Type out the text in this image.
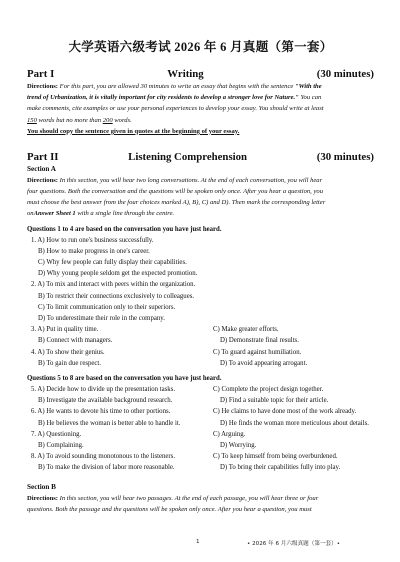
大学英语六级考试 2026 年 6 月真题（第一套）
Part I	Writing	(30 minutes)
Directions: For this part, you are allowed 30 minutes to write an essay that begins with the sentence "With the
trend of Urbanization, it is vitally important for city residents to develop a stronger love for Nature." You can
make comments, cite examples or use your personal experiences to develop your essay. You should write at least
150 words but no more than 200 words.
You should copy the sentence given in quotes at the beginning of your essay.
Part II	Listening Comprehension	(30 minutes)
Section A
Directions: In this section, you will hear two long conversations. At the end of each conversation, you will hear
four questions. Both the conversation and the questions will be spoken only once. After you hear a question, you
must choose the best answer from the four choices marked A), B), C) and D). Then mark the corresponding letter
onAnswer Sheet 1 with a single line through the centre.
Questions 1 to 4 are based on the conversation you have just heard.
1. A) How to run one's business successfully.
B) How to make progress in one's career.
C) Why few people can fully display their capabilities.
D) Why young people seldom get the expected promotion.
2. A) To mix and interact with peers within the organization.
B) To restrict their connections exclusively to colleagues.
C) To limit communication only to their superiors.
D) To underestimate their role in the company.
3. A) Put in quality time.	C) Make greater efforts.
B) Connect with managers.	D) Demonstrate final results.
4. A) To show their genius.	C) To guard against humiliation.
B) To gain due respect.	D) To avoid appearing arrogant.
Questions 5 to 8 are based on the conversation you have just heard.
5. A) Decide how to divide up the presentation tasks.	C) Complete the project design together.
B) Investigate the available background research.	D) Find a suitable topic for their article.
6. A) He wants to devote his time to other portions.	C) He claims to have done most of the work already.
B) He believes the woman is better able to handle it.	D) He finds the woman more meticulous about details.
7. A) Questioning.	C) Arguing.
B) Complaining.	D) Worrying.
8. A) To avoid sounding monotonous to the listeners.	C) To keep himself from being overburdened.
B) To make the division of labor more reasonable.	D) To bring their capabilities fully into play.
Section B
Directions: In this section, you will hear two passages. At the end of each passage, you will hear three or four
questions. Both the passage and the questions will be spoken only once. After you hear a question, you must
1	• 2026 年 6 月六级真题（第一套）•
